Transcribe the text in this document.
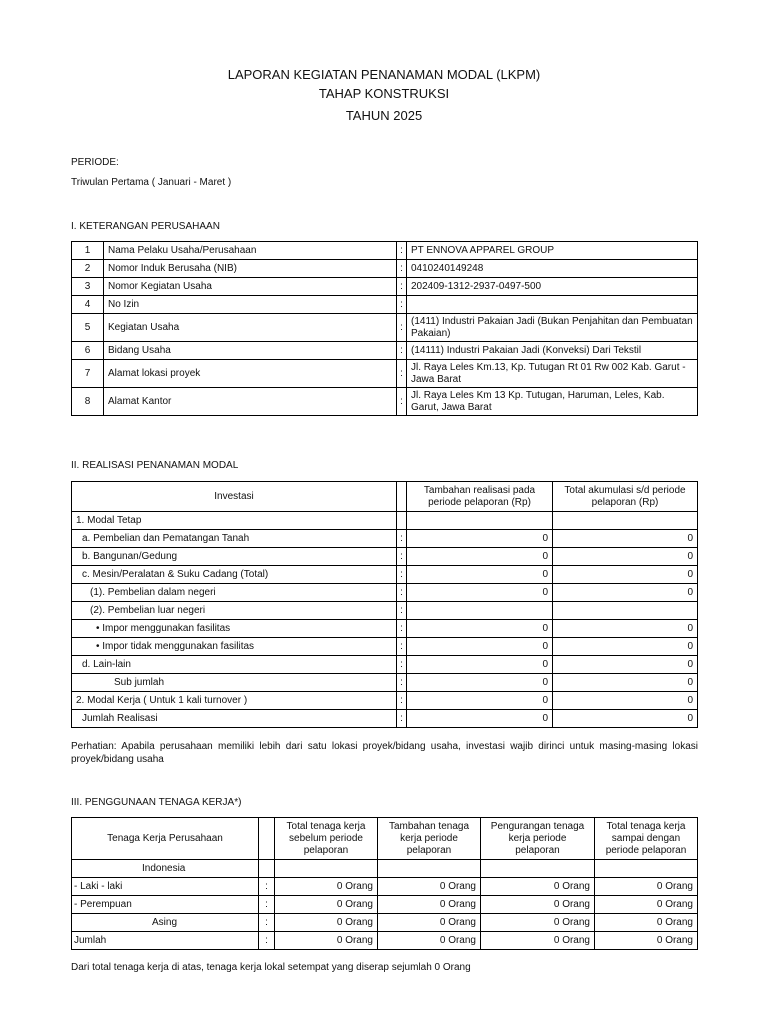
LAPORAN KEGIATAN PENANAMAN MODAL (LKPM)
TAHAP KONSTRUKSI
TAHUN 2025
PERIODE:
Triwulan Pertama ( Januari - Maret )
I. KETERANGAN PERUSAHAAN
1	Nama Pelaku Usaha/Perusahaan	:	PT ENNOVA APPAREL GROUP
2	Nomor Induk Berusaha (NIB)	:	0410240149248
3	Nomor Kegiatan Usaha	:	202409-1312-2937-0497-500
4	No Izin	:	
5	Kegiatan Usaha	:	(1411) Industri Pakaian Jadi (Bukan Penjahitan dan Pembuatan Pakaian)
6	Bidang Usaha	:	(14111) Industri Pakaian Jadi (Konveksi) Dari Tekstil
7	Alamat lokasi proyek	:	Jl. Raya Leles Km.13, Kp. Tutugan Rt 01 Rw 002 Kab. Garut - Jawa Barat
8	Alamat Kantor	:	Jl. Raya Leles Km 13 Kp. Tutugan, Haruman, Leles, Kab. Garut, Jawa Barat
II. REALISASI PENANAMAN MODAL
Investasi		Tambahan realisasi pada periode pelaporan (Rp)	Total akumulasi s/d periode pelaporan (Rp)
1. Modal Tetap			
a. Pembelian dan Pematangan Tanah	:	0	0
b. Bangunan/Gedung	:	0	0
c. Mesin/Peralatan & Suku Cadang (Total)	:	0	0
(1). Pembelian dalam negeri	:	0	0
(2). Pembelian luar negeri	:		
• Impor menggunakan fasilitas	:	0	0
• Impor tidak menggunakan fasilitas	:	0	0
d. Lain-lain	:	0	0
Sub jumlah	:	0	0
2. Modal Kerja ( Untuk 1 kali turnover )	:	0	0
Jumlah Realisasi	:	0	0
Perhatian: Apabila perusahaan memiliki lebih dari satu lokasi proyek/bidang usaha, investasi wajib dirinci untuk masing-masing lokasi proyek/bidang usaha
III. PENGGUNAAN TENAGA KERJA*)
Tenaga Kerja Perusahaan		Total tenaga kerja sebelum periode pelaporan	Tambahan tenaga kerja periode pelaporan	Pengurangan tenaga kerja periode pelaporan	Total tenaga kerja sampai dengan periode pelaporan
Indonesia					
- Laki - laki	:	0 Orang	0 Orang	0 Orang	0 Orang
- Perempuan	:	0 Orang	0 Orang	0 Orang	0 Orang
Asing	:	0 Orang	0 Orang	0 Orang	0 Orang
Jumlah	:	0 Orang	0 Orang	0 Orang	0 Orang
Dari total tenaga kerja di atas, tenaga kerja lokal setempat yang diserap sejumlah 0 Orang
